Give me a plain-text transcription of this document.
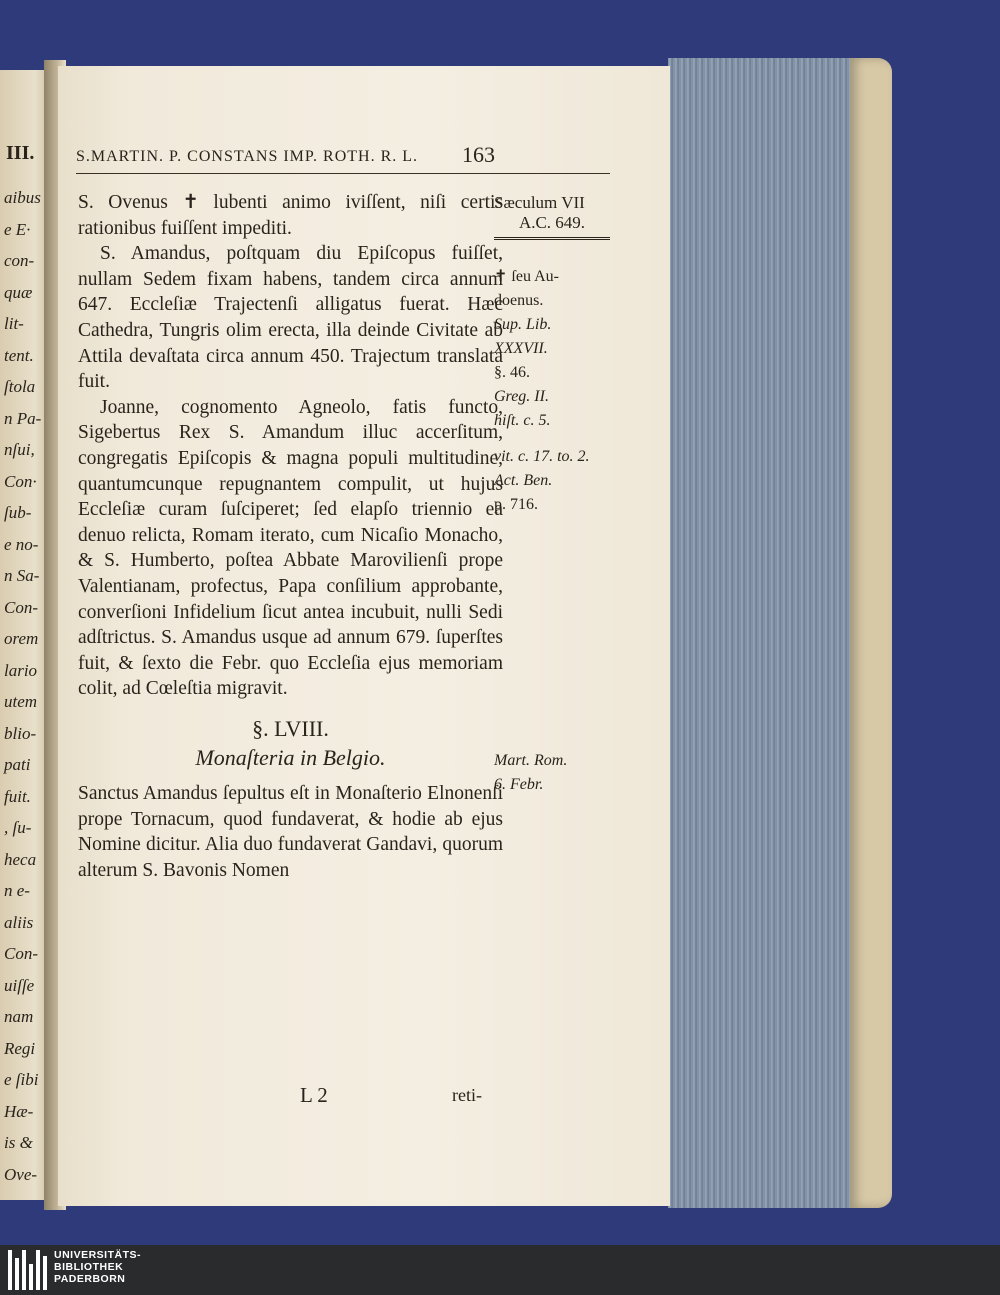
III.
aibus
e E·
con-
quæ
lit-
tent.
ſtola
n Pa-
nſui,
Con·
ſub-
e no-
n Sa-
Con-
orem
lario
utem
blio-
pati
fuit.
, ſu-
heca
n e-
aliis
Con-
uiſſe
nam
Regi
e ſibi
Hæ-
is &
Ove-
S.MARTIN. P. CONSTANS IMP. ROTH. R. L. 163
Sæculum VII
A.C. 649.
✝ ſeu Au-
doenus.
Sup. Lib.
XXXVII.
§. 46.
Greg. II.
hiſt. c. 5.
vit. c. 17. to. 2.
Act. Ben.
p. 716.
Mart. Rom.
6. Febr.

S. Ovenus ✝ lubenti animo iviſſent, niſi certis rationibus fuiſſent impediti.

S. Amandus, poſtquam diu Epiſcopus fuiſſet, nullam Sedem fixam habens, tandem circa annum 647. Eccleſiæ Trajectenſi alligatus fuerat. Hæc Cathedra, Tungris olim erecta, illa deinde Civitate ab Attila devaſtata circa annum 450. Trajectum translata fuit.

Joanne, cognomento Agneolo, fatis functo, Sigebertus Rex S. Amandum illuc accerſitum, congregatis Epiſcopis & magna populi multitudine, quantumcunque repugnantem compulit, ut hujus Eccleſiæ curam ſuſciperet; ſed elapſo triennio ea denuo relicta, Romam iterato, cum Nicaſio Monacho, & S. Humberto, poſtea Abbate Marovilienſi prope Valentianam, profectus, Papa conſilium approbante, converſioni Infidelium ſicut antea incubuit, nulli Sedi adſtrictus. S. Amandus usque ad annum 679. ſuperſtes fuit, & ſexto die Febr. quo Eccleſia ejus memoriam colit, ad Cœleſtia migravit.

§. LVIII.
Monaſteria in Belgio.

Sanctus Amandus ſepultus eſt in Monaſterio Elnonenſi prope Tornacum, quod fundaverat, & hodie ab ejus Nomine dicitur. Alia duo fundaverat Gandavi, quorum alterum S. Bavonis Nomen

L 2	reti-
UNIVERSITÄTS-
BIBLIOTHEK
PADERBORN
